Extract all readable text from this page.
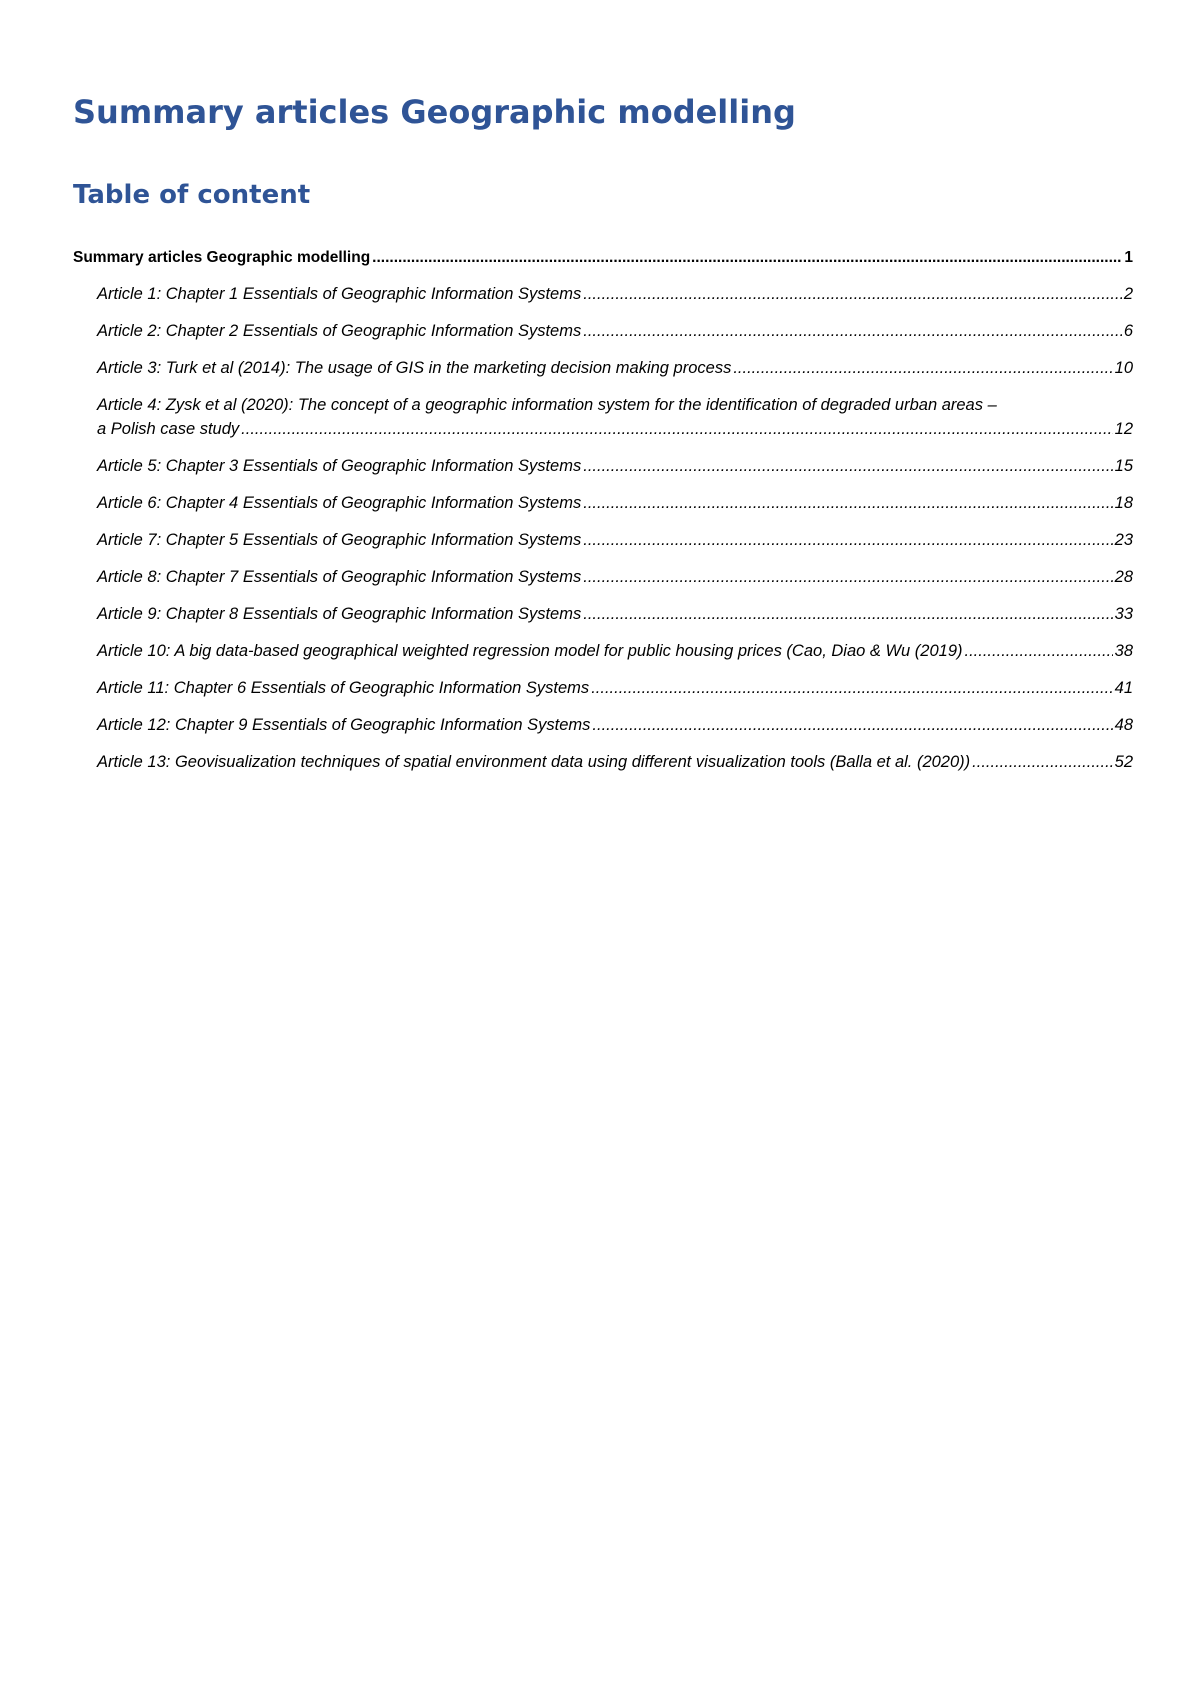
Summary articles Geographic modelling
Table of content
Summary articles Geographic modelling .....	1
Article 1: Chapter 1 Essentials of Geographic Information Systems .....	2
Article 2: Chapter 2 Essentials of Geographic Information Systems .....	6
Article 3: Turk et al (2014): The usage of GIS in the marketing decision making process .....	10
Article 4: Zysk et al (2020): The concept of a geographic information system for the identification of degraded urban areas –
a Polish case study .....	12
Article 5: Chapter 3 Essentials of Geographic Information Systems .....	15
Article 6: Chapter 4 Essentials of Geographic Information Systems .....	18
Article 7: Chapter 5 Essentials of Geographic Information Systems .....	23
Article 8: Chapter 7 Essentials of Geographic Information Systems .....	28
Article 9: Chapter 8 Essentials of Geographic Information Systems .....	33
Article 10: A big data-based geographical weighted regression model for public housing prices (Cao, Diao & Wu (2019) .....	38
Article 11: Chapter 6 Essentials of Geographic Information Systems .....	41
Article 12: Chapter 9 Essentials of Geographic Information Systems .....	48
Article 13: Geovisualization techniques of spatial environment data using different visualization tools (Balla et al. (2020)) .....	52
